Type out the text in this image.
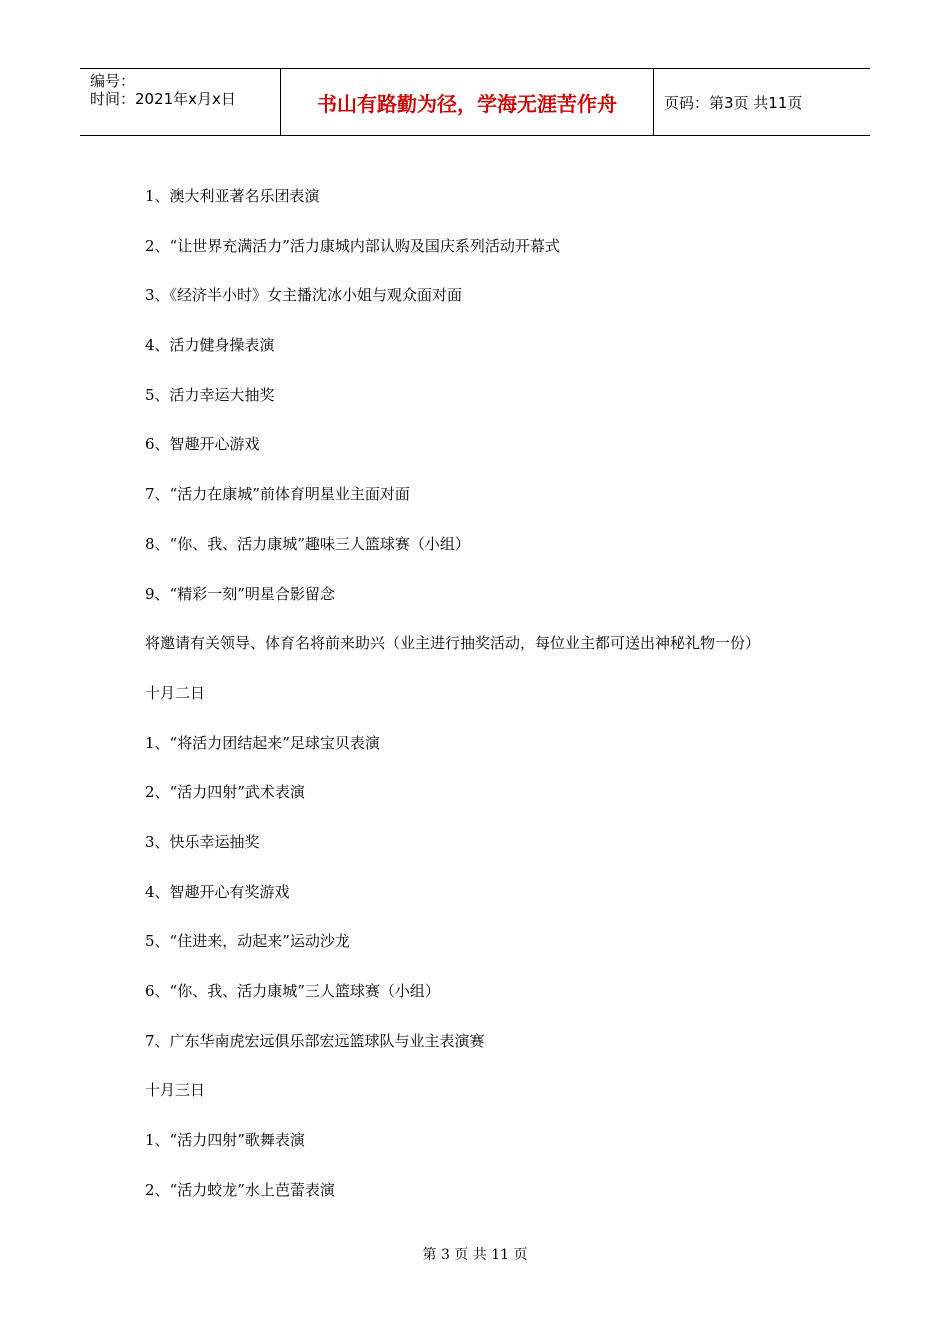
编号：
时间：2021年x月x日	书山有路勤为径，学海无涯苦作舟	页码：第3页 共11页
1、澳大利亚著名乐团表演
2、“让世界充满活力”活力康城内部认购及国庆系列活动开幕式
3、《经济半小时》女主播沈冰小姐与观众面对面
4、活力健身操表演
5、活力幸运大抽奖
6、智趣开心游戏
7、“活力在康城”前体育明星业主面对面
8、“你、我、活力康城”趣味三人篮球赛（小组）
9、“精彩一刻”明星合影留念
将邀请有关领导、体育名将前来助兴（业主进行抽奖活动，每位业主都可送出神秘礼物一份）
十月二日
1、“将活力团结起来”足球宝贝表演
2、“活力四射”武术表演
3、快乐幸运抽奖
4、智趣开心有奖游戏
5、“住进来，动起来”运动沙龙
6、“你、我、活力康城”三人篮球赛（小组）
7、广东华南虎宏远俱乐部宏远篮球队与业主表演赛
十月三日
1、“活力四射”歌舞表演
2、“活力蛟龙”水上芭蕾表演
第 3 页 共 11 页
